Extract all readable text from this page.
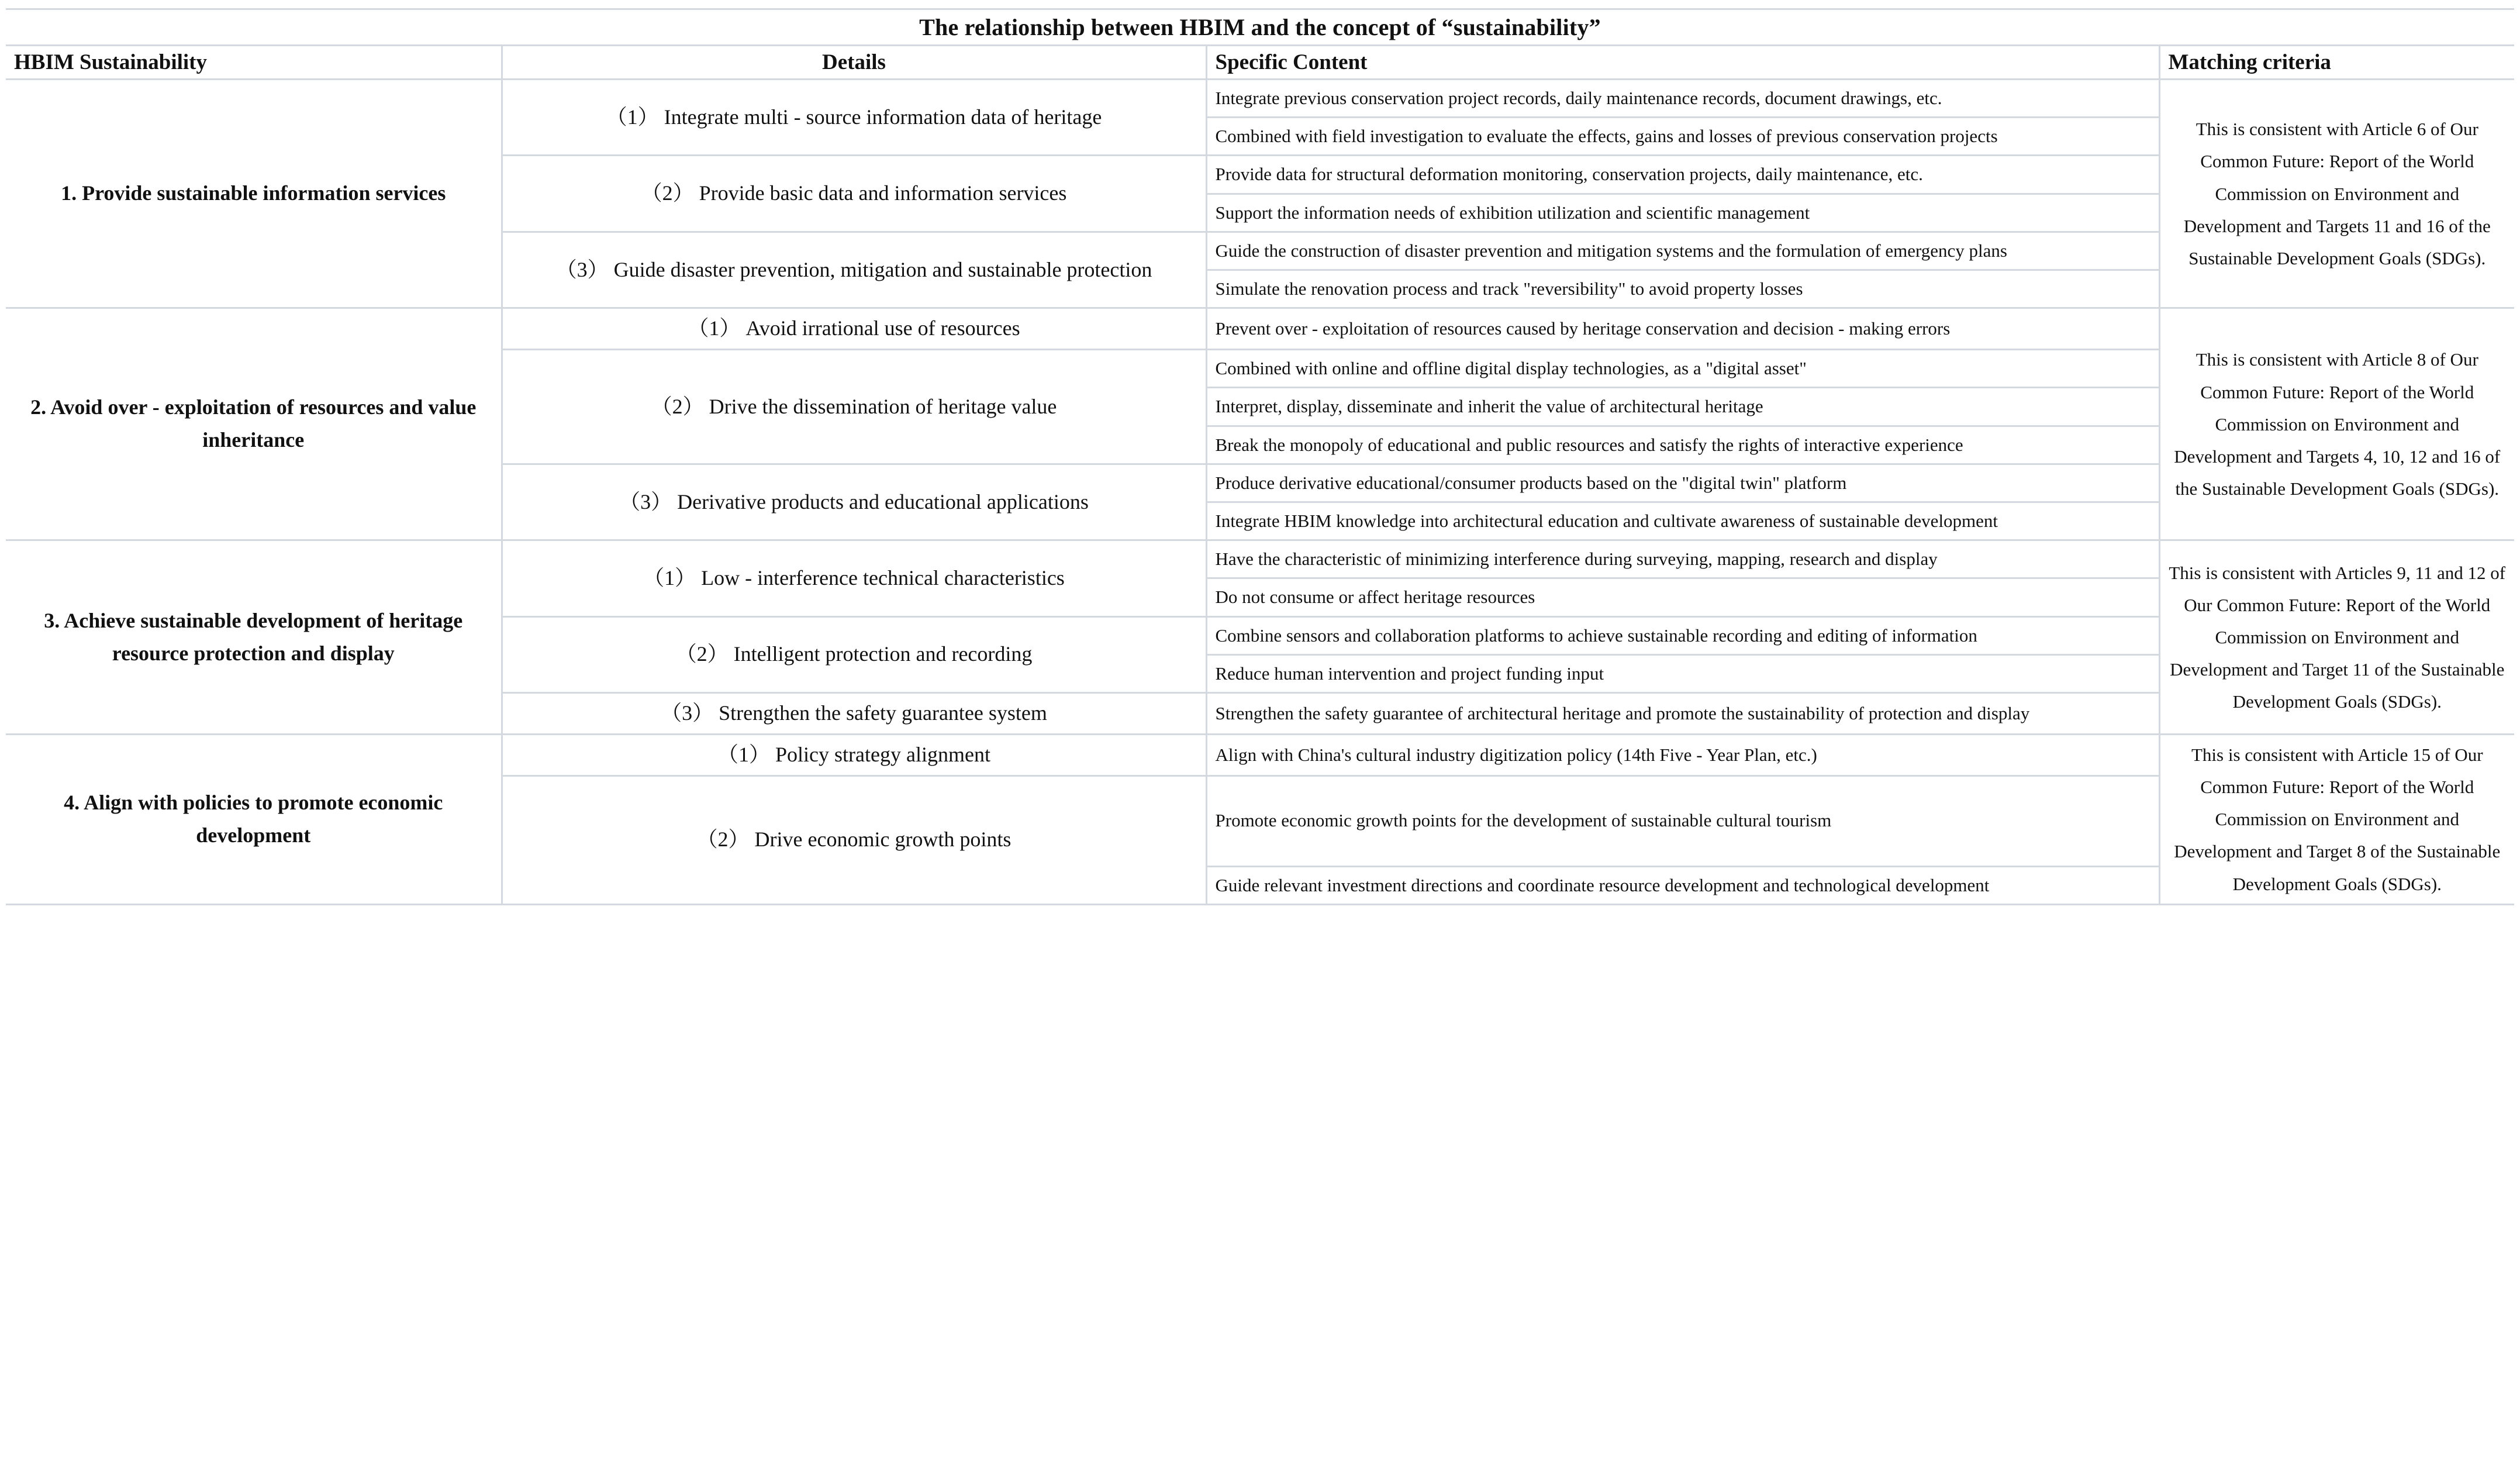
The relationship between HBIM and the concept of “sustainability”			
HBIM Sustainability	Details	Specific Content	Matching criteria
1. Provide sustainable information services	（1） Integrate multi - source information data of heritage	Integrate previous conservation project records, daily maintenance records, document drawings, etc.	This is consistent with Article 6 of Our Common Future: Report of the World Commission on Environment and Development and Targets 11 and 16 of the Sustainable Development Goals (SDGs).
		Combined with field investigation to evaluate the effects, gains and losses of previous conservation projects	
	（2） Provide basic data and information services	Provide data for structural deformation monitoring, conservation projects, daily maintenance, etc.	
		Support the information needs of exhibition utilization and scientific management	
	（3） Guide disaster prevention, mitigation and sustainable protection	Guide the construction of disaster prevention and mitigation systems and the formulation of emergency plans	
		Simulate the renovation process and track "reversibility" to avoid property losses	
2. Avoid over - exploitation of resources and value inheritance	（1） Avoid irrational use of resources	Prevent over - exploitation of resources caused by heritage conservation and decision - making errors	This is consistent with Article 8 of Our Common Future: Report of the World Commission on Environment and Development and Targets 4, 10, 12 and 16 of the Sustainable Development Goals (SDGs).
	（2） Drive the dissemination of heritage value	Combined with online and offline digital display technologies, as a "digital asset"	
		Interpret, display, disseminate and inherit the value of architectural heritage	
		Break the monopoly of educational and public resources and satisfy the rights of interactive experience	
	（3） Derivative products and educational applications	Produce derivative educational/consumer products based on the "digital twin" platform	
		Integrate HBIM knowledge into architectural education and cultivate awareness of sustainable development	
3. Achieve sustainable development of heritage resource protection and display	（1） Low - interference technical characteristics	Have the characteristic of minimizing interference during surveying, mapping, research and display	This is consistent with Articles 9, 11 and 12 of Our Common Future: Report of the World Commission on Environment and Development and Target 11 of the Sustainable Development Goals (SDGs).
		Do not consume or affect heritage resources	
	（2） Intelligent protection and recording	Combine sensors and collaboration platforms to achieve sustainable recording and editing of information	
		Reduce human intervention and project funding input	
	（3） Strengthen the safety guarantee system	Strengthen the safety guarantee of architectural heritage and promote the sustainability of protection and display	
4. Align with policies to promote economic development	（1） Policy strategy alignment	Align with China's cultural industry digitization policy (14th Five - Year Plan, etc.)	This is consistent with Article 15 of Our Common Future: Report of the World Commission on Environment and Development and Target 8 of the Sustainable Development Goals (SDGs).
	（2） Drive economic growth points	Promote economic growth points for the development of sustainable cultural tourism	
		Guide relevant investment directions and coordinate resource development and technological development	
